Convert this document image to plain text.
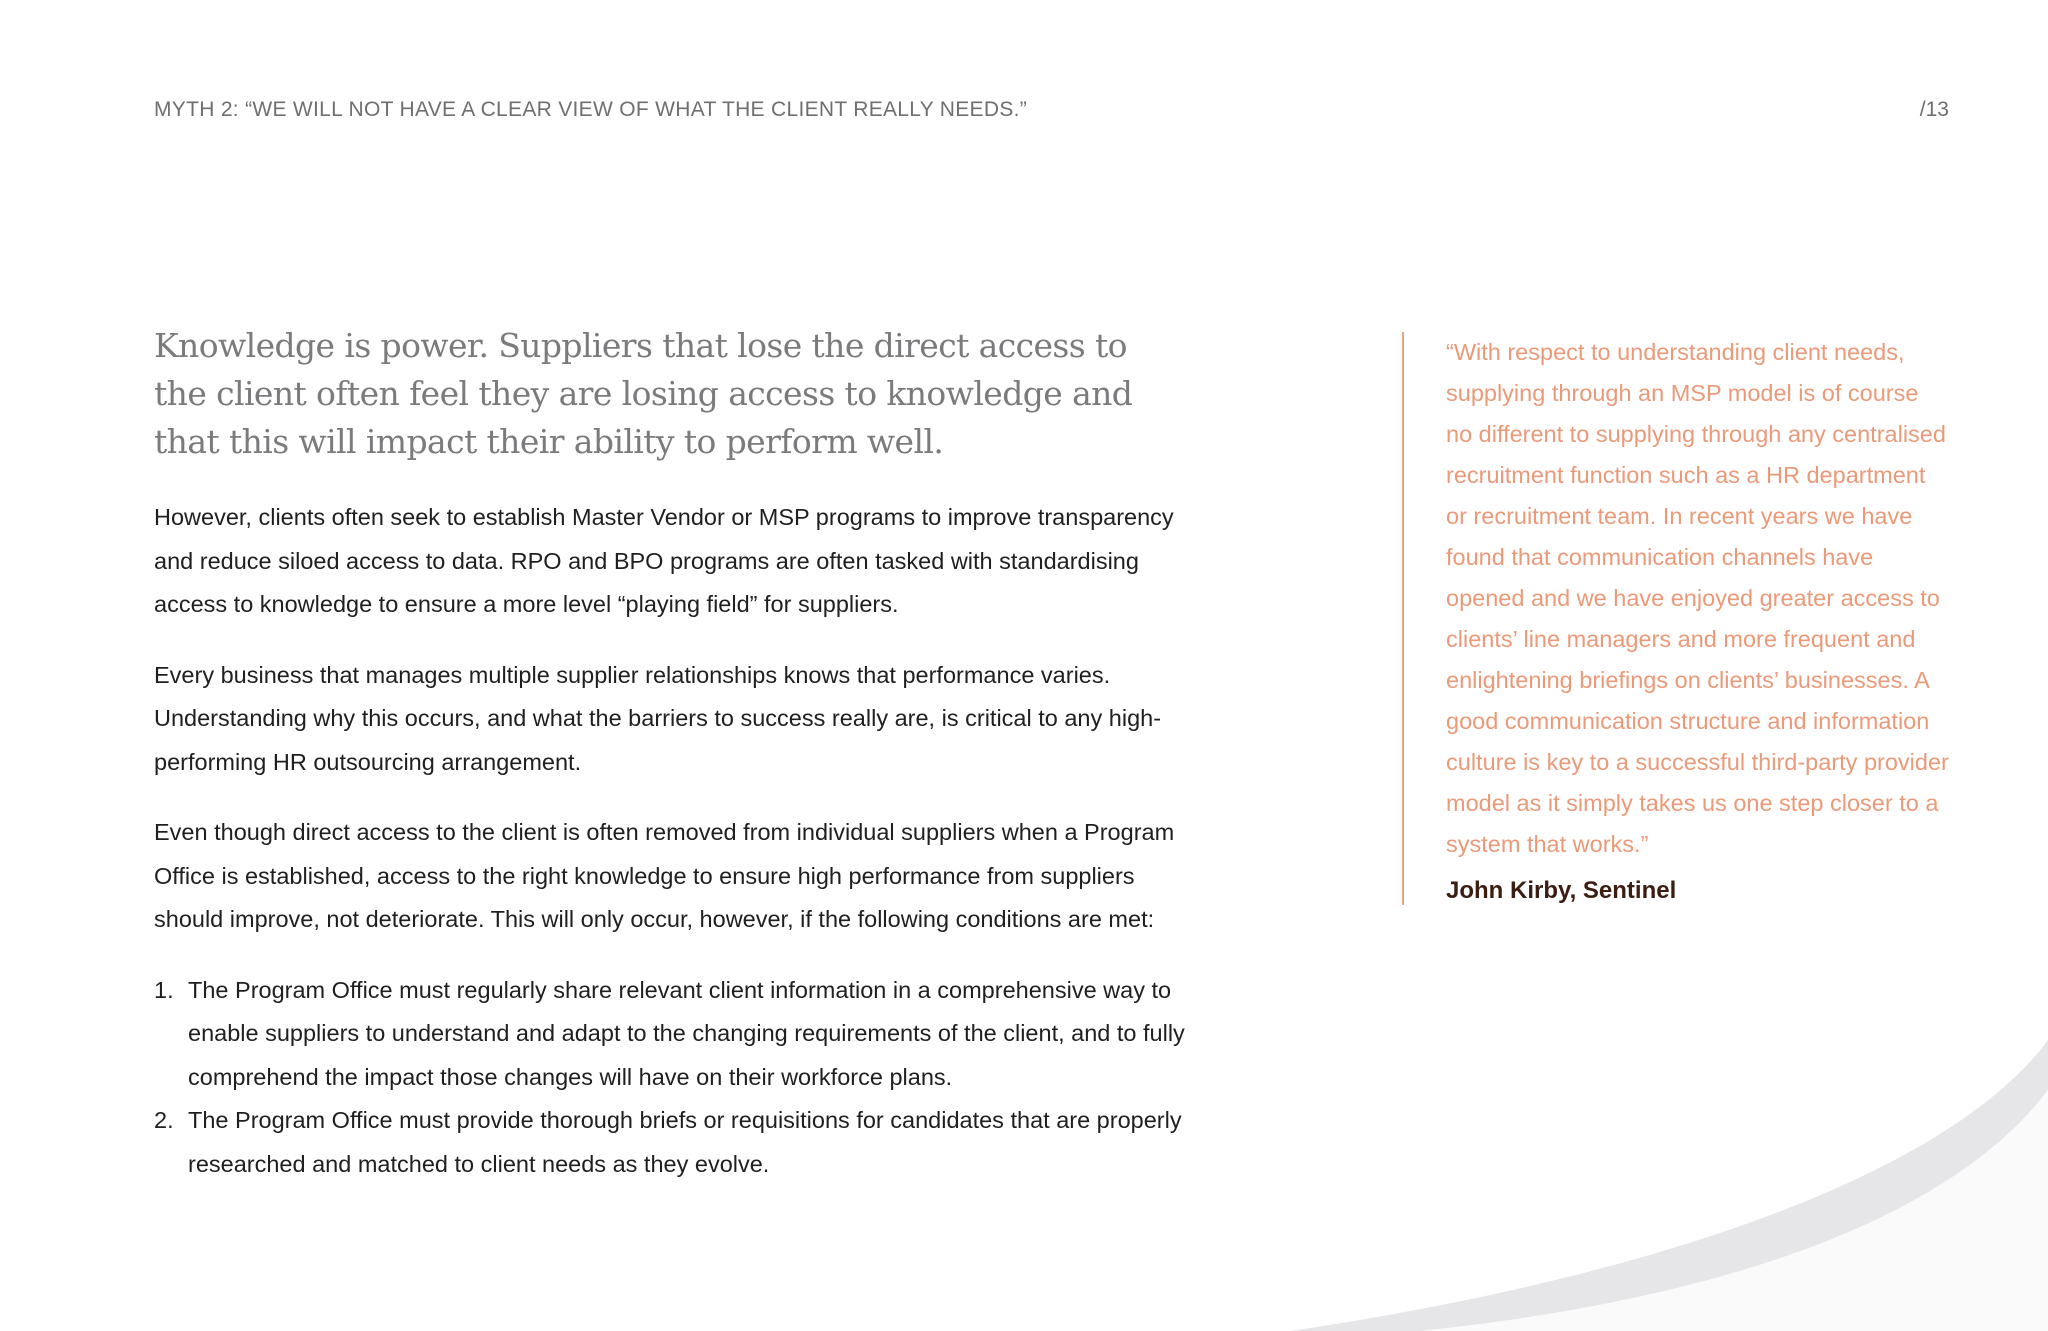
MYTH 2: “WE WILL NOT HAVE A CLEAR VIEW OF WHAT THE CLIENT REALLY NEEDS.”	/13

Knowledge is power. Suppliers that lose the direct access to the client often feel they are losing access to knowledge and that this will impact their ability to perform well.

However, clients often seek to establish Master Vendor or MSP programs to improve transparency and reduce siloed access to data. RPO and BPO programs are often tasked with standardising access to knowledge to ensure a more level “playing field” for suppliers.

Every business that manages multiple supplier relationships knows that performance varies. Understanding why this occurs, and what the barriers to success really are, is critical to any high-performing HR outsourcing arrangement.

Even though direct access to the client is often removed from individual suppliers when a Program Office is established, access to the right knowledge to ensure high performance from suppliers should improve, not deteriorate. This will only occur, however, if the following conditions are met:

1. The Program Office must regularly share relevant client information in a comprehensive way to enable suppliers to understand and adapt to the changing requirements of the client, and to fully comprehend the impact those changes will have on their workforce plans.
2. The Program Office must provide thorough briefs or requisitions for candidates that are properly researched and matched to client needs as they evolve.

“With respect to understanding client needs, supplying through an MSP model is of course no different to supplying through any centralised recruitment function such as a HR department or recruitment team. In recent years we have found that communication channels have opened and we have enjoyed greater access to clients’ line managers and more frequent and enlightening briefings on clients’ businesses. A good communication structure and information culture is key to a successful third-party provider model as it simply takes us one step closer to a system that works.”

John Kirby, Sentinel
